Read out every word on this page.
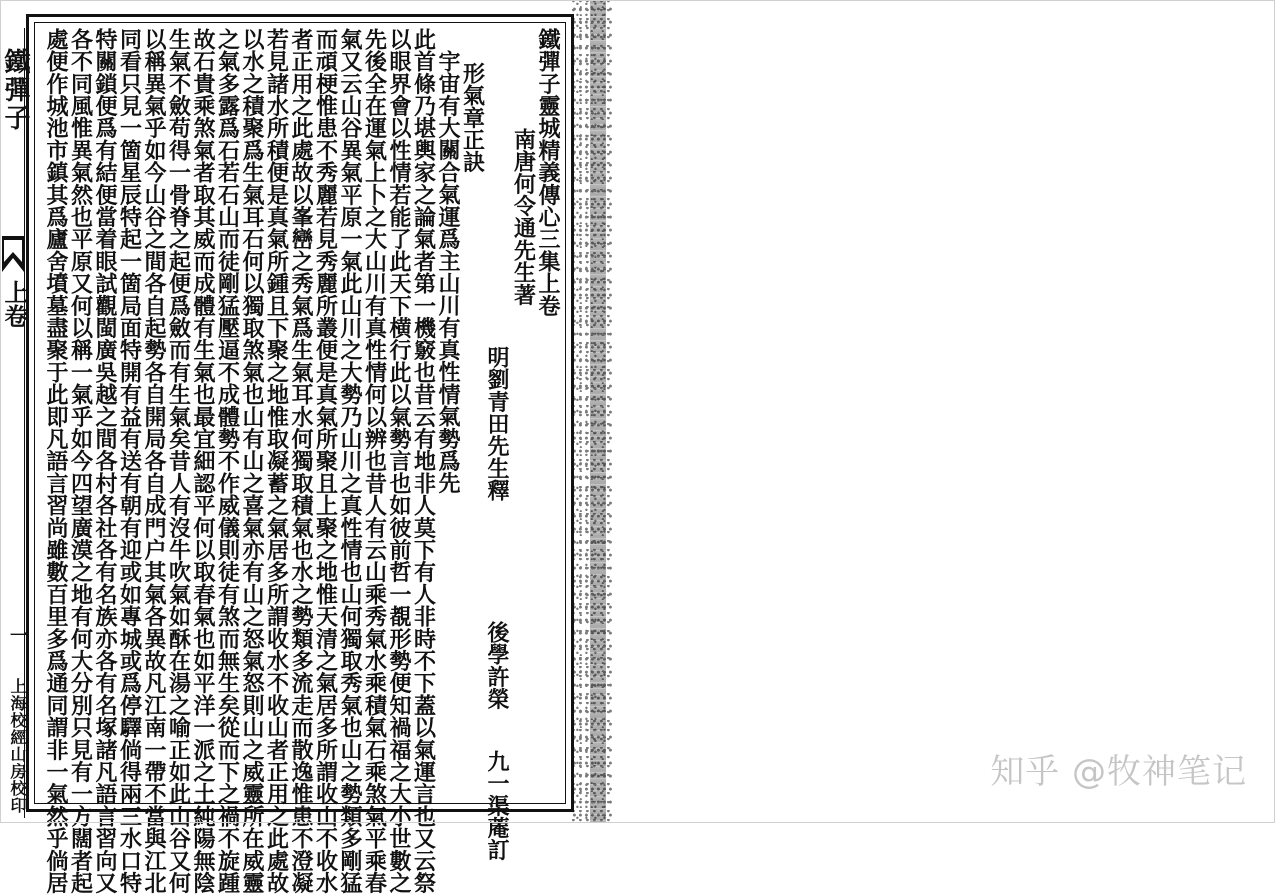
鐵彈子
上卷
一
上海校經山房校印
鐵彈子靈城精義傳心三集上卷
南唐何令通先生著
明劉青田先生釋
後學許榮
九一渠蓭訂
形氣章正訣
宇宙有大關合氣運爲主山川有真性情氣勢爲先
此首條乃堪輿家之論氣者第一機竅也昔云有地非人莫下有人非時不下蓋以氣運言也又云祭
以眼界會以性情若能了此天下横行此以氣勢言也如彼前哲一覩形勢便知禍福之大小世數之
先後全在運氣上卜之大山川有真性情何以辨也昔人有云山乘秀氣水乘積氣石乘煞氣平乘春
氣又云山谷異氣平原一氣此山川之大勢乃山川之真性情也山何獨取秀氣也山之勢類多剛猛
而頑梗惟患不秀麗若見秀麗所叢便是真氣所聚且上聚之地惟天清之氣居多所謂收山不收水
者正用之此處故以峯巒之秀氣爲生氣耳水何獨取積氣也水之勢類多流走而散逸惟患不澄凝
若見諸水所積便是真氣所鍾且下聚之地惟取凝蓄之氣居多所謂收水不收山者正用之此處故
以水之積聚爲生氣耳石何以獨取煞氣也山有山之喜氣亦有山之怒氣怒則山之威靈所在威靈
之氣多露爲石若石山而徒剛猛壓逼不成體勢不作威儀則徒有煞而無生矣從而下之禍不旋踵
故石貴乘煞氣者取其威而成體有生氣也最宜細認平何以取春氣也如平洋一派之土純陽無陰
生氣不斂苟得一骨脊之起便爲斂而有生氣矣昔人有沒牛吹氣如酥在湯之喻正如此山谷又何
以稱異氣乎如今山谷之間各自起勢各自開局各自成門户其氣各異故凡江南一帶不當與江北
同看只見一箇星辰特起一箇局面特開有益有送有朝有迎或如專城或爲停驛倘得兩三水口特
特關鎖便爲有結便當着眼試觀閩廣吳越之間各村各社各有名族亦各有名塚諸凡語言習向又
各不同風惟異氣然也平原又何以稱一氣乎如今四望廣漠之地有何大分別只見有一方闊者起
處便作城池市鎮其爲廬舍墳墓盡聚于此即凡語言習尚雖數百里多爲通同謂非一氣然乎倘居	知乎 @牧神笔记
